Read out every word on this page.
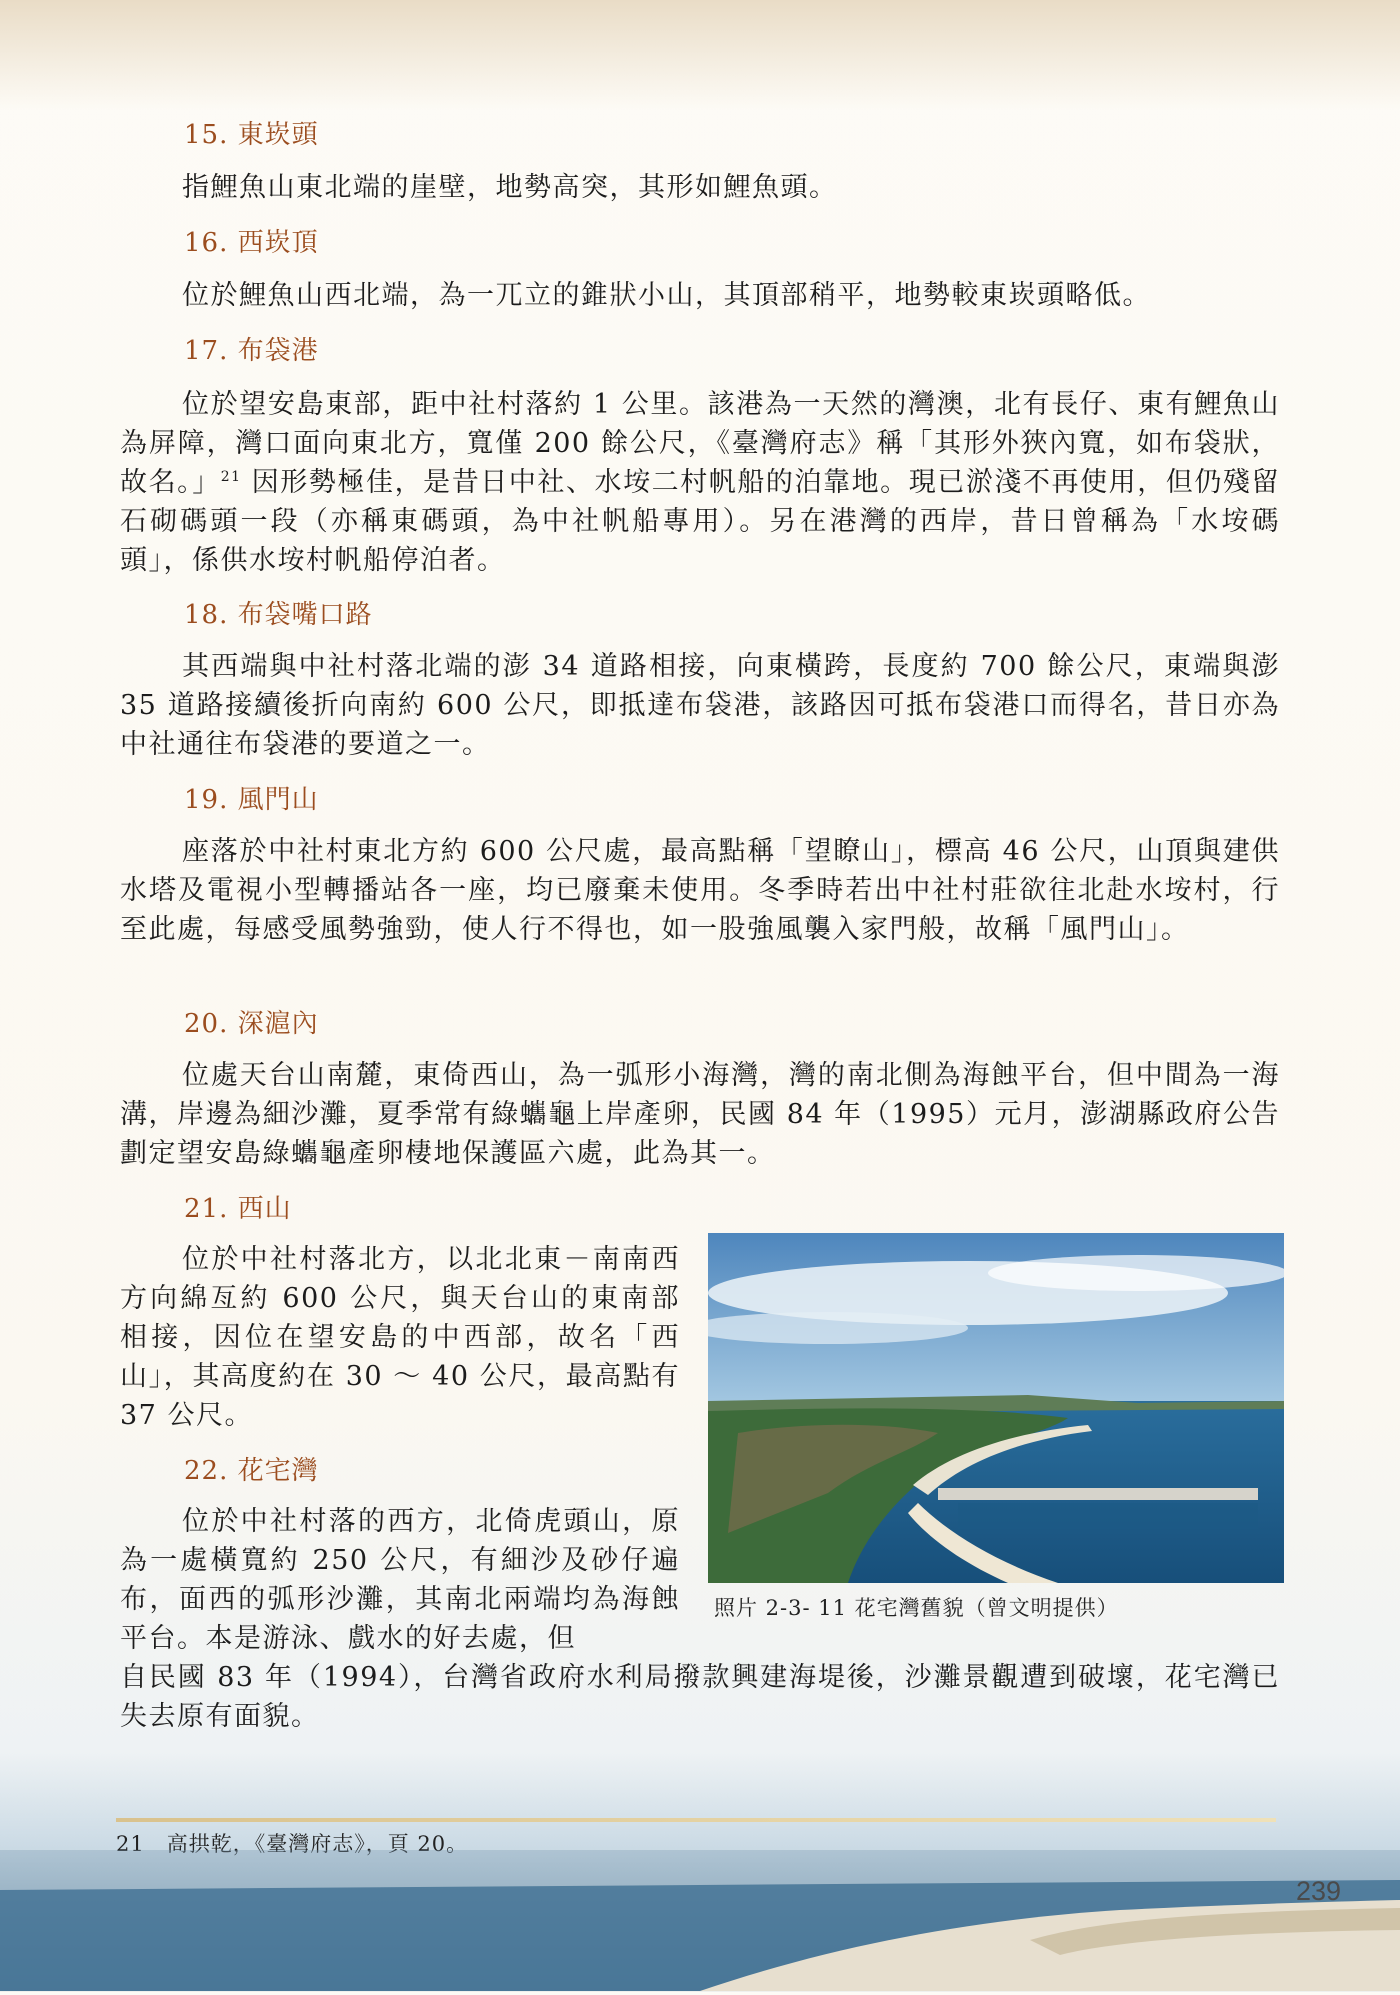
15. 東崁頭

指鯉魚山東北端的崖壁，地勢高突，其形如鯉魚頭。

16. 西崁頂

位於鯉魚山西北端，為一兀立的錐狀小山，其頂部稍平，地勢較東崁頭略低。

17. 布袋港

位於望安島東部，距中社村落約 1 公里。該港為一天然的灣澳，北有長仔、東有鯉魚山為屏障，灣口面向東北方，寬僅 200 餘公尺，《臺灣府志》稱「其形外狹內寬，如布袋狀，故名。」$^{21}$ 因形勢極佳，是昔日中社、水垵二村帆船的泊靠地。現已淤淺不再使用，但仍殘留石砌碼頭一段（亦稱東碼頭，為中社帆船專用）。另在港灣的西岸，昔日曾稱為「水垵碼頭」，係供水垵村帆船停泊者。

18. 布袋嘴口路

其西端與中社村落北端的澎 34 道路相接，向東橫跨，長度約 700 餘公尺，東端與澎 35 道路接續後折向南約 600 公尺，即抵達布袋港，該路因可抵布袋港口而得名，昔日亦為中社通往布袋港的要道之一。

19. 風門山

座落於中社村東北方約 600 公尺處，最高點稱「望瞭山」，標高 46 公尺，山頂與建供水塔及電視小型轉播站各一座，均已廢棄未使用。冬季時若出中社村莊欲往北赴水垵村，行至此處，每感受風勢強勁，使人行不得也，如一股強風襲入家門般，故稱「風門山」。

20. 深滬內

位處天台山南麓，東倚西山，為一弧形小海灣，灣的南北側為海蝕平台，但中間為一海溝，岸邊為細沙灘，夏季常有綠蠵龜上岸產卵，民國 84 年（1995）元月，澎湖縣政府公告劃定望安島綠蠵龜產卵棲地保護區六處，此為其一。

21. 西山

位於中社村落北方，以北北東－南南西方向綿亙約 600 公尺，與天台山的東南部相接，因位在望安島的中西部，故名「西山」，其高度約在 30 ～ 40 公尺，最高點有 37 公尺。

22. 花宅灣

位於中社村落的西方，北倚虎頭山，原為一處橫寬約 250 公尺，有細沙及砂仔遍布，面西的弧形沙灘，其南北兩端均為海蝕平台。本是游泳、戲水的好去處，但

自民國 83 年（1994），台灣省政府水利局撥款興建海堤後，沙灘景觀遭到破壞，花宅灣已失去原有面貌。

照片 2-3- 11 花宅灣舊貌（曾文明提供）
21　高拱乾，《臺灣府志》，頁 20。
239
